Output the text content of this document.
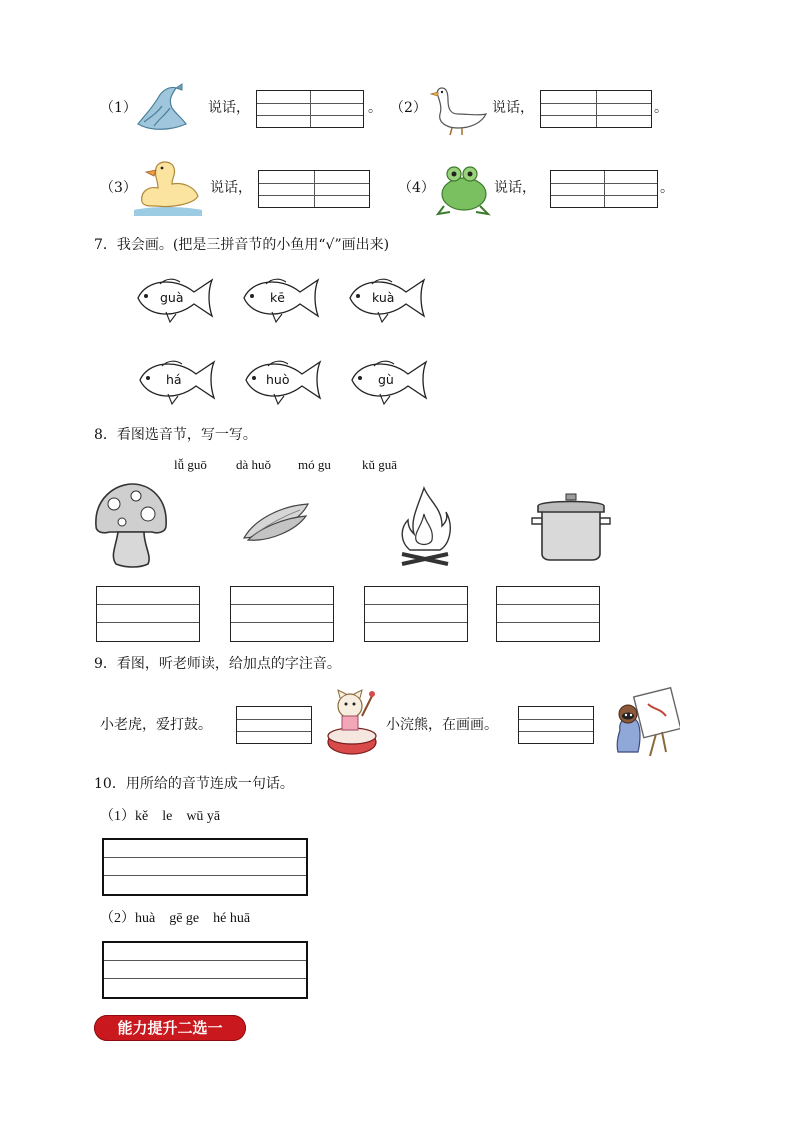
（1）	说话，	。 （2）	说话，	。
（3）	说话，	（4）	说话，	。
7．我会画。(把是三拼音节的小鱼用“√”画出来)
guà	kē	kuà
há	huò	gù
8．看图选音节，写一写。
lǚ guō dà huǒ mó gu kǔ guā
9．看图，听老师读，给加点的字注音。
小老虎，爱打鼓。	小浣熊，在画画。
10．用所给的音节连成一句话。
（1）kě　le　wū yā
（2）huà　gē ge　hé huā
能力提升二选一
